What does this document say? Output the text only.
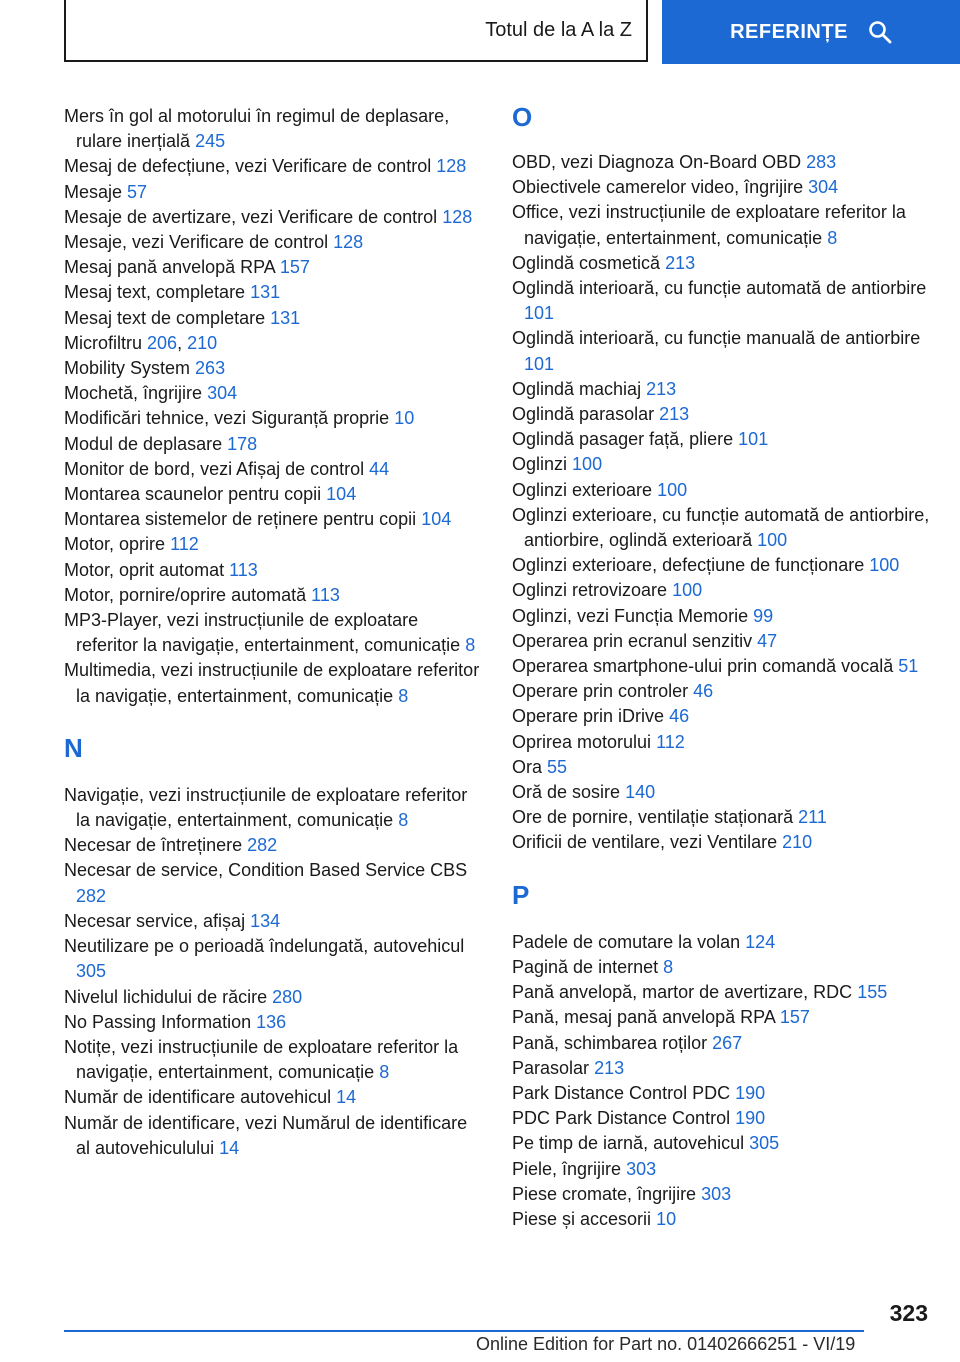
Totul de la A la Z	REFERINȚE
Mers în gol al motorului în regimul de deplasare, rulare inerțială 245
Mesaj de defecțiune, vezi Verificare de control 128
Mesaje 57
Mesaje de avertizare, vezi Verificare de control 128
Mesaje, vezi Verificare de control 128
Mesaj pană anvelopă RPA 157
Mesaj text, completare 131
Mesaj text de completare 131
Microfiltru 206, 210
Mobility System 263
Mochetă, îngrijire 304
Modificări tehnice, vezi Siguranță proprie 10
Modul de deplasare 178
Monitor de bord, vezi Afișaj de control 44
Montarea scaunelor pentru copii 104
Montarea sistemelor de reținere pentru copii 104
Motor, oprire 112
Motor, oprit automat 113
Motor, pornire/oprire automată 113
MP3-Player, vezi instrucțiunile de exploatare referitor la navigație, entertainment, comunicație 8
Multimedia, vezi instrucțiunile de exploatare referitor la navigație, entertainment, comunicație 8
N
Navigație, vezi instrucțiunile de exploatare referitor la navigație, entertainment, comunicație 8
Necesar de întreținere 282
Necesar de service, Condition Based Service CBS 282
Necesar service, afișaj 134
Neutilizare pe o perioadă îndelungată, autovehicul 305
Nivelul lichidului de răcire 280
No Passing Information 136
Notițe, vezi instrucțiunile de exploatare referitor la navigație, entertainment, comunicație 8
Număr de identificare autovehicul 14
Număr de identificare, vezi Numărul de identificare al autovehiculului 14
O
OBD, vezi Diagnoza On-Board OBD 283
Obiectivele camerelor video, îngrijire 304
Office, vezi instrucțiunile de exploatare referitor la navigație, entertainment, comunicație 8
Oglindă cosmetică 213
Oglindă interioară, cu funcție automată de antiorbire 101
Oglindă interioară, cu funcție manuală de antiorbire 101
Oglindă machiaj 213
Oglindă parasolar 213
Oglindă pasager față, pliere 101
Oglinzi 100
Oglinzi exterioare 100
Oglinzi exterioare, cu funcție automată de antiorbire, antiorbire, oglindă exterioară 100
Oglinzi exterioare, defecțiune de funcționare 100
Oglinzi retrovizoare 100
Oglinzi, vezi Funcția Memorie 99
Operarea prin ecranul senzitiv 47
Operarea smartphone-ului prin comandă vocală 51
Operare prin controler 46
Operare prin iDrive 46
Oprirea motorului 112
Ora 55
Oră de sosire 140
Ore de pornire, ventilație staționară 211
Orificii de ventilare, vezi Ventilare 210
P
Padele de comutare la volan 124
Pagină de internet 8
Pană anvelopă, martor de avertizare, RDC 155
Pană, mesaj pană anvelopă RPA 157
Pană, schimbarea roților 267
Parasolar 213
Park Distance Control PDC 190
PDC Park Distance Control 190
Pe timp de iarnă, autovehicul 305
Piele, îngrijire 303
Piese cromate, îngrijire 303
Piese și accesorii 10
323
Online Edition for Part no. 01402666251 - VI/19
